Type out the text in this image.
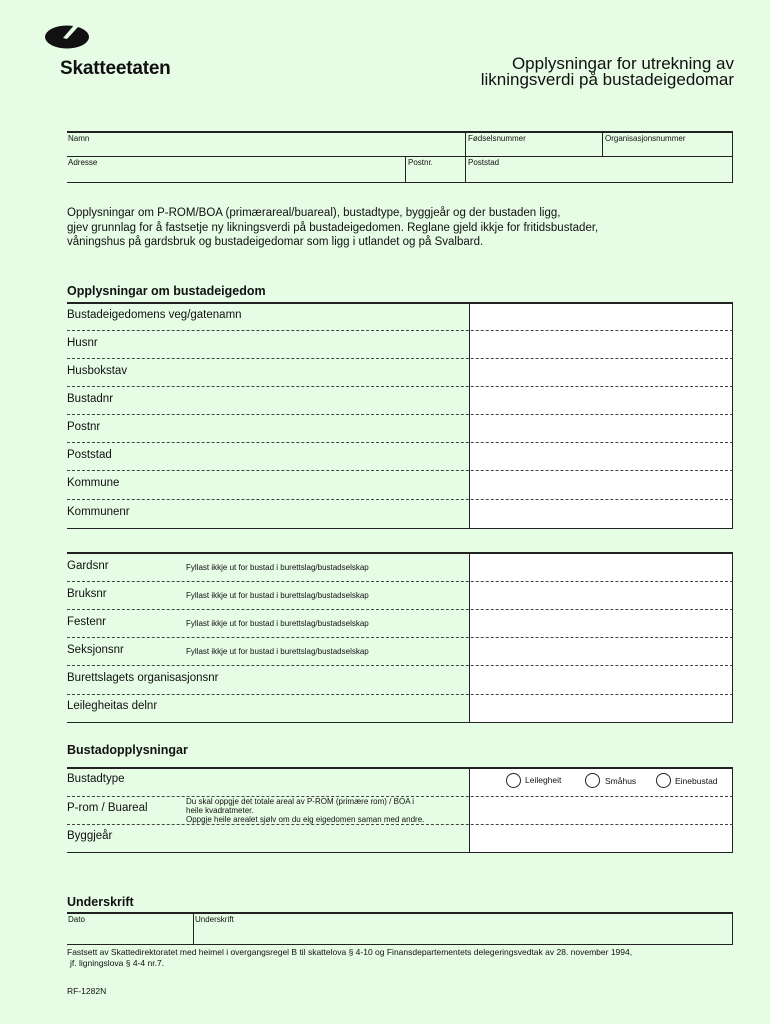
Skatteetaten	Opplysningar for utrekning av
likningsverdi på bustadeigedomar
Namn	Fødselsnummer	Organisasjonsnummer
Adresse	Postnr.	Poststad
Opplysningar om P-ROM/BOA (primærareal/buareal), bustadtype, byggjeår og der bustaden ligg,
gjev grunnlag for å fastsetje ny likningsverdi på bustadeigedomen. Reglane gjeld ikkje for fritidsbustader,
våningshus på gardsbruk og bustadeigedomar som ligg i utlandet og på Svalbard.
Opplysningar om bustadeigedom
Bustadeigedomens veg/gatenamn
Husnr
Husbokstav
Bustadnr
Postnr
Poststad
Kommune
Kommunenr
Gardsnr	Fyllast ikkje ut for bustad i burettslag/bustadselskap
Bruksnr	Fyllast ikkje ut for bustad i burettslag/bustadselskap
Festenr	Fyllast ikkje ut for bustad i burettslag/bustadselskap
Seksjonsnr	Fyllast ikkje ut for bustad i burettslag/bustadselskap
Burettslagets organisasjonsnr
Leilegheitas delnr
Bustadopplysningar
Bustadtype	Leilegheit	Småhus	Einebustad
P-rom / Buareal
Du skal oppgje det totale areal av P-ROM (primære rom) / BOA i
heile kvadratmeter.
Oppgje heile arealet sjølv om du eig eigedomen saman med andre.
Byggjeår
Underskrift
Dato	Underskrift
Fastsett av Skattedirektoratet med heimel i overgangsregel B til skattelova § 4-10 og Finansdepartementets delegeringsvedtak av 28. november 1994,
jf. ligningslova § 4-4 nr.7.
RF-1282N
